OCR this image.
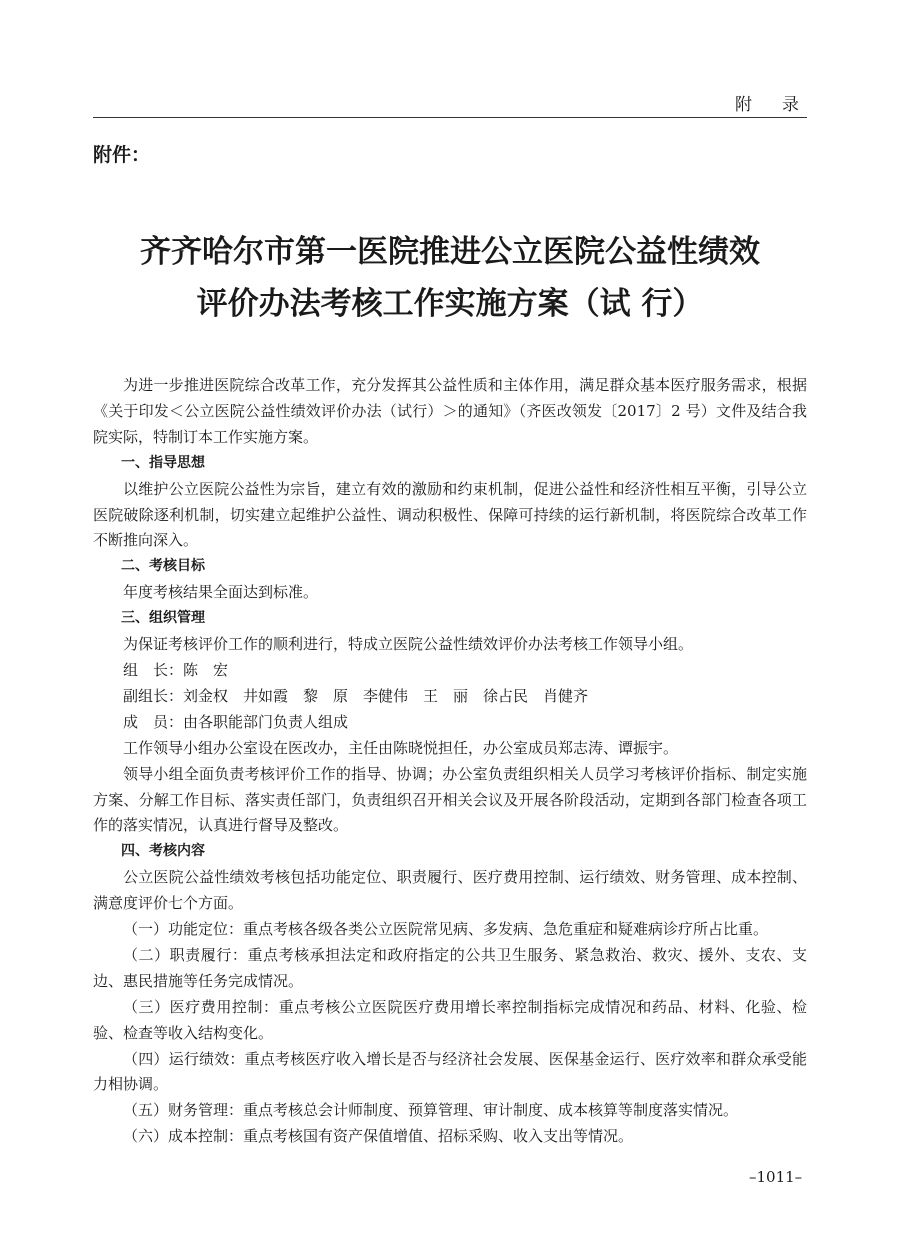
附录
附件：
齐齐哈尔市第一医院推进公立医院公益性绩效
评价办法考核工作实施方案（试 行）

为进一步推进医院综合改革工作，充分发挥其公益性质和主体作用，满足群众基本医疗服务需求，根据《关于印发＜公立医院公益性绩效评价办法（试行）＞的通知》（齐医改领发〔2017〕2 号）文件及结合我院实际，特制订本工作实施方案。

一、指导思想

以维护公立医院公益性为宗旨，建立有效的激励和约束机制，促进公益性和经济性相互平衡，引导公立医院破除逐利机制，切实建立起维护公益性、调动积极性、保障可持续的运行新机制，将医院综合改革工作不断推向深入。

二、考核目标

年度考核结果全面达到标准。

三、组织管理

为保证考核评价工作的顺利进行，特成立医院公益性绩效评价办法考核工作领导小组。

组　长：陈　宏

副组长：刘金权　井如霞　黎　原　李健伟　王　丽　徐占民　肖健齐

成　员：由各职能部门负责人组成

工作领导小组办公室设在医改办，主任由陈晓悦担任，办公室成员郑志涛、谭振宇。

领导小组全面负责考核评价工作的指导、协调；办公室负责组织相关人员学习考核评价指标、制定实施方案、分解工作目标、落实责任部门，负责组织召开相关会议及开展各阶段活动，定期到各部门检查各项工作的落实情况，认真进行督导及整改。

四、考核内容

公立医院公益性绩效考核包括功能定位、职责履行、医疗费用控制、运行绩效、财务管理、成本控制、满意度评价七个方面。

（一）功能定位：重点考核各级各类公立医院常见病、多发病、急危重症和疑难病诊疗所占比重。

（二）职责履行：重点考核承担法定和政府指定的公共卫生服务、紧急救治、救灾、援外、支农、支边、惠民措施等任务完成情况。

（三）医疗费用控制：重点考核公立医院医疗费用增长率控制指标完成情况和药品、材料、化验、检验、检查等收入结构变化。

（四）运行绩效：重点考核医疗收入增长是否与经济社会发展、医保基金运行、医疗效率和群众承受能力相协调。

（五）财务管理：重点考核总会计师制度、预算管理、审计制度、成本核算等制度落实情况。

（六）成本控制：重点考核国有资产保值增值、招标采购、收入支出等情况。

–1011–
